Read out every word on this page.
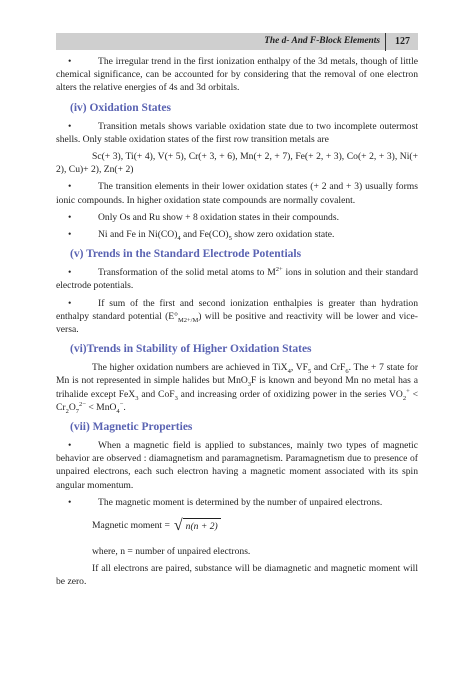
The d- And F-Block Elements 127

• The irregular trend in the first ionization enthalpy of the 3d metals, though of little chemical significance, can be accounted for by considering that the removal of one electron alters the relative energies of 4s and 3d orbitals.

(iv) Oxidation States

• Transition metals shows variable oxidation state due to two incomplete outermost shells. Only stable oxidation states of the first row transition metals are

Sc(+ 3), Ti(+ 4), V(+ 5), Cr(+ 3, + 6), Mn(+ 2, + 7), Fe(+ 2, + 3), Co(+ 2, + 3), Ni(+ 2), Cu)+ 2), Zn(+ 2)

• The transition elements in their lower oxidation states (+ 2 and + 3) usually forms ionic compounds. In higher oxidation state compounds are normally covalent.

• Only Os and Ru show + 8 oxidation states in their compounds.

• Ni and Fe in $Ni(CO)_4$ and $Fe(CO)_5$ show zero oxidation state.

(v) Trends in the Standard Electrode Potentials

• Transformation of the solid metal atoms to $M^{2+}$ ions in solution and their standard electrode potentials.

• If sum of the first and second ionization enthalpies is greater than hydration enthalpy standard potential $(E^\circ_{M2+/M})$ will be positive and reactivity will be lower and vice-versa.

(vi)Trends in Stability of Higher Oxidation States

The higher oxidation numbers are achieved in TiX$_4$, $VF_5$ and CrF$_6$. The + 7 state for Mn is not represented in simple halides but MnO$_3$F is known and beyond Mn no metal has a trihalide except FeX$_3$ and CoF$_3$ and increasing order of oxidizing power in the series $VO_2^+ < Cr_2O_7^{2-} < MnO_4^-$.

(vii) Magnetic Properties

• When a magnetic field is applied to substances, mainly two types of magnetic behavior are observed : diamagnetism and paramagnetism. Paramagnetism due to presence of unpaired electrons, each such electron having a magnetic moment associated with its spin angular momentum.

• The magnetic moment is determined by the number of unpaired electrons.

Magnetic moment = √ n(n + 2)

where, n = number of unpaired electrons.

If all electrons are paired, substance will be diamagnetic and magnetic moment will be zero.
